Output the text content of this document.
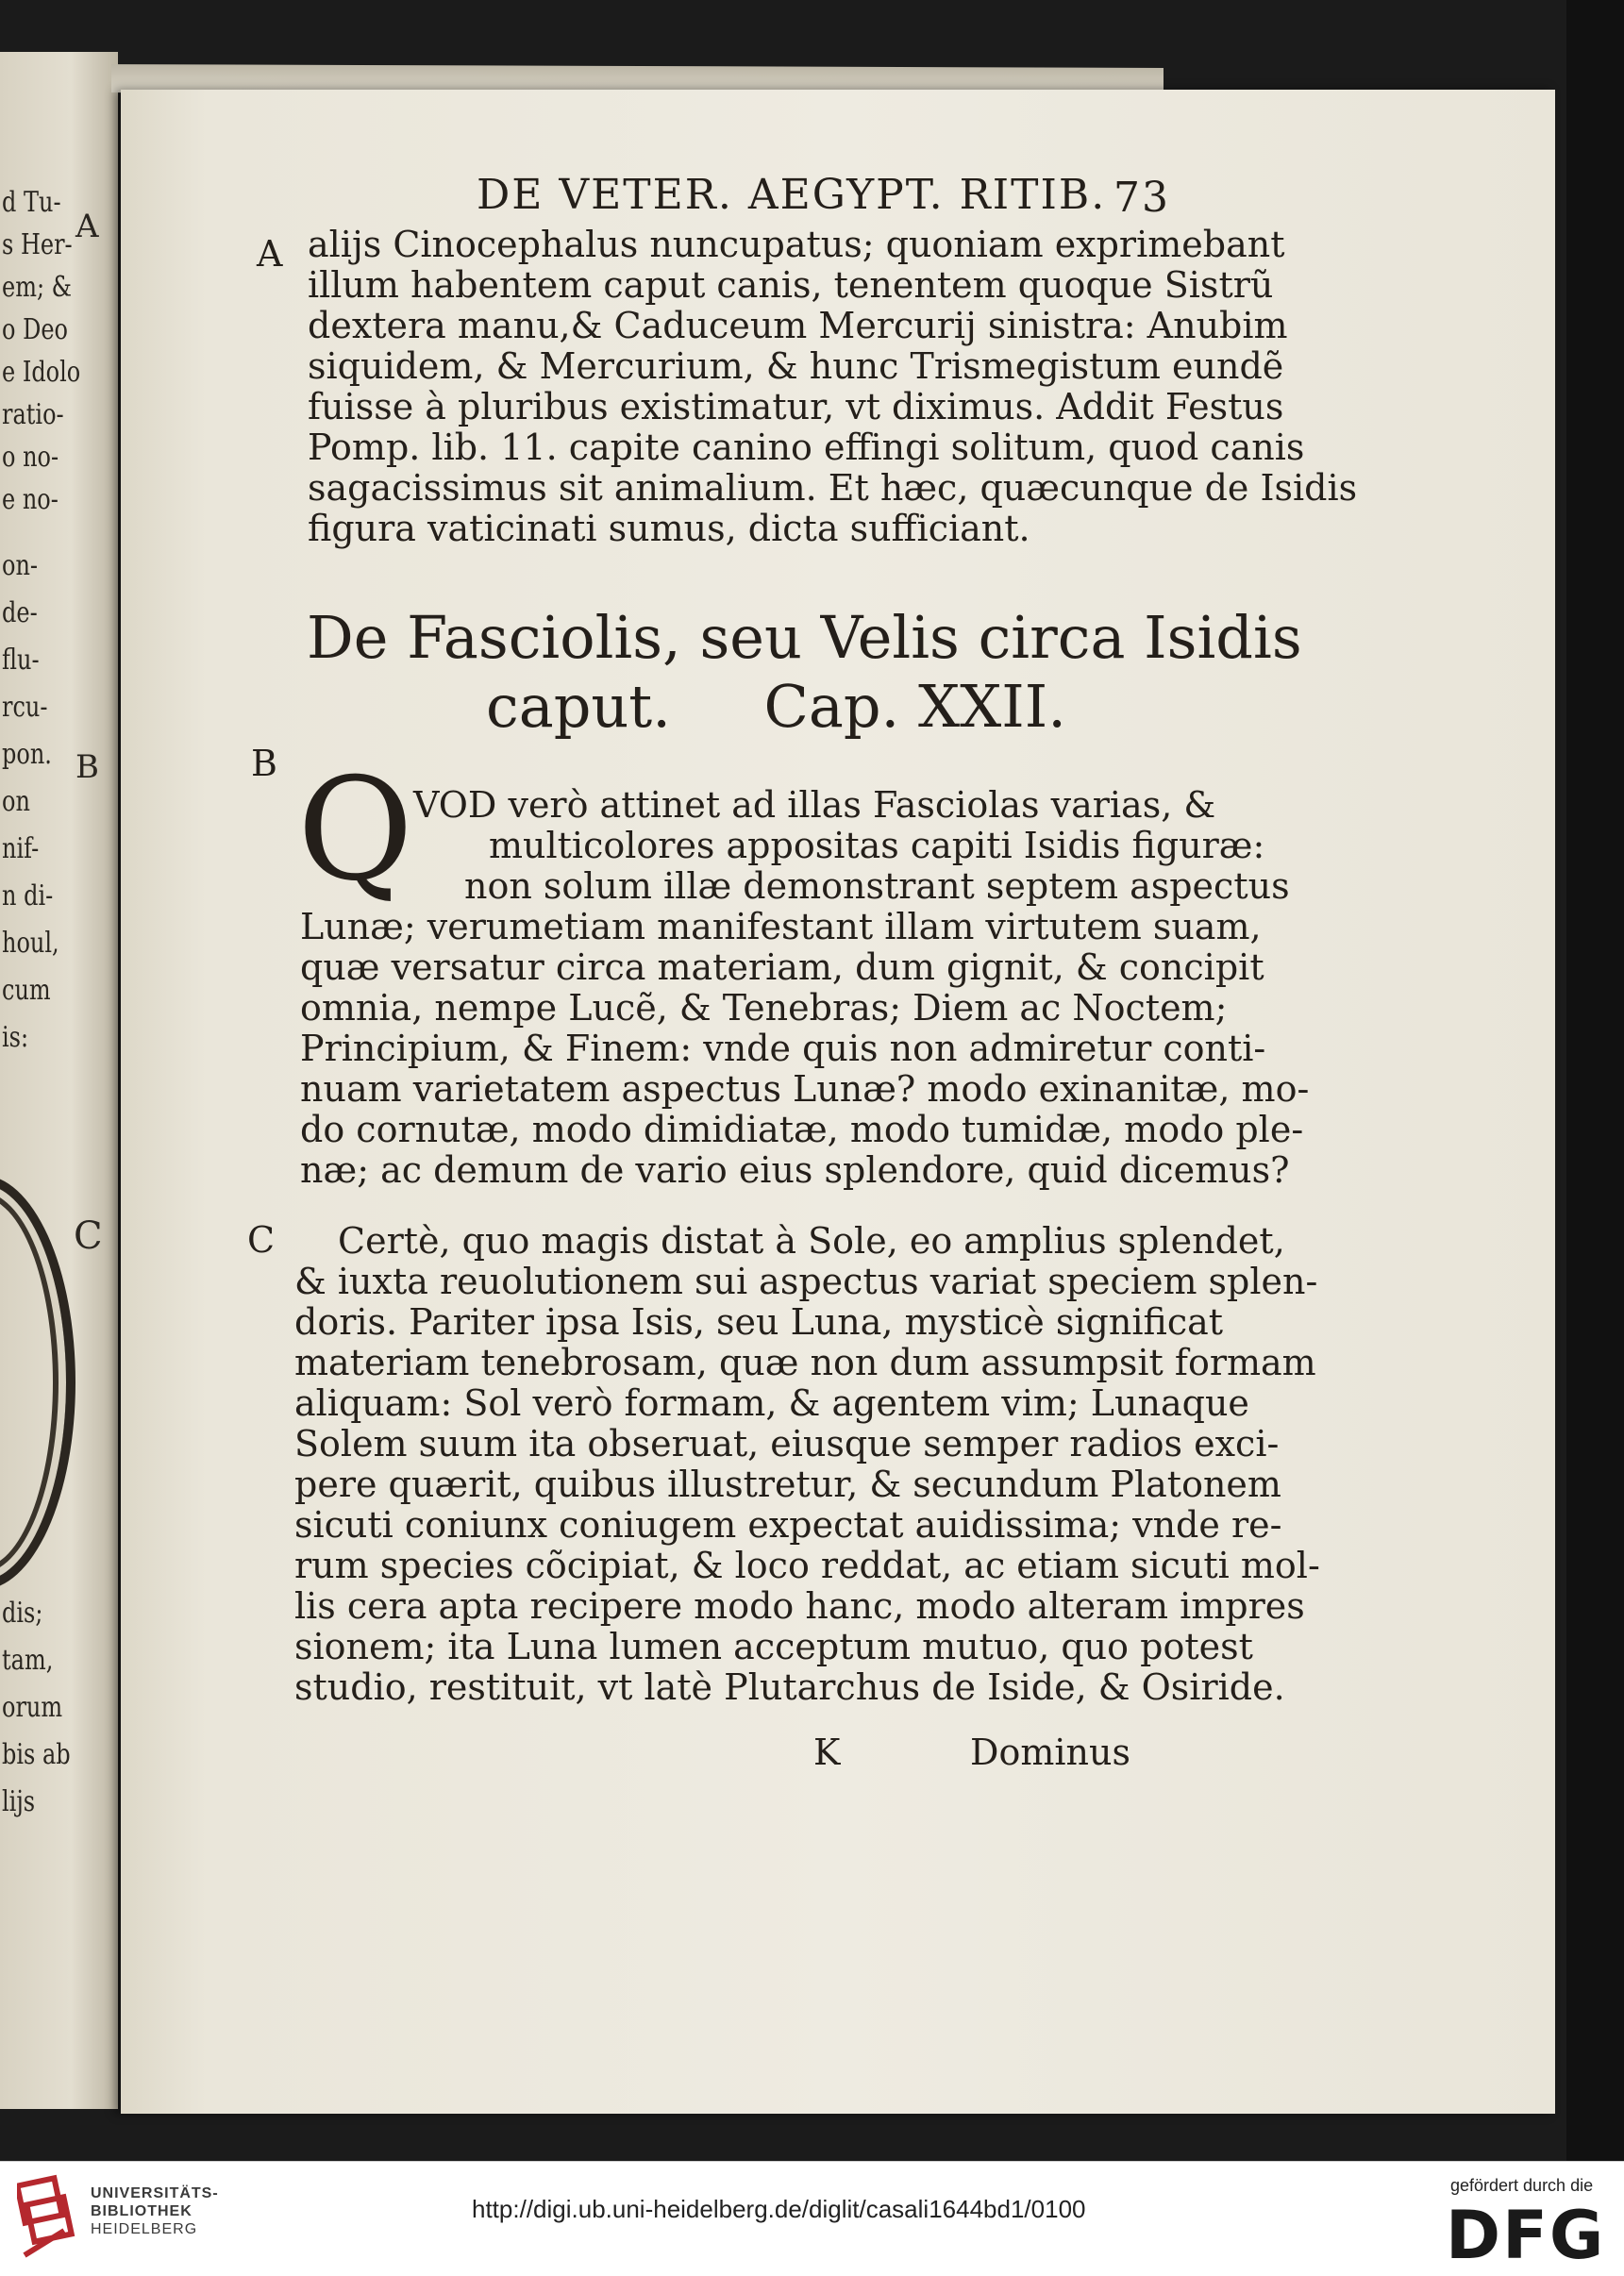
A
B
d Tu-
s Her-
em; &
o Deo
e Idolo
ratio-
o no-
e no-
on-
de-
flu-
rcu-
pon.
on
nif-
n di-
houl,
cum
is:
dis;
tam,
orum
bis ab
lijs
C
DE VETER. AEGYPT. RITIB. 73
A
B
C
alijs Cinocephalus nuncupatus; quoniam exprimebant
illum habentem caput canis, tenentem quoque Sistrũ
dextera manu,& Caduceum Mercurij sinistra: Anubim
siquidem, & Mercurium, & hunc Trismegistum eundẽ
fuisse à pluribus existimatur, vt diximus. Addit Festus
Pomp. lib. 11. capite canino effingi solitum, quod canis
sagacissimus sit animalium. Et hæc, quæcunque de Isidis
figura vaticinati sumus, dicta sufficiant.
De Fasciolis, seu Velis circa Isidis
caput.     Cap. XXII.
Q VOD verò attinet ad illas Fasciolas varias, &
multicolores appositas capiti Isidis figuræ:
non solum illæ demonstrant septem aspectus
Lunæ; verumetiam manifestant illam virtutem suam,
quæ versatur circa materiam, dum gignit, & concipit
omnia, nempe Lucẽ, & Tenebras; Diem ac Noctem;
Principium, & Finem: vnde quis non admiretur conti-
nuam varietatem aspectus Lunæ? modo exinanitæ, mo-
do cornutæ, modo dimidiatæ, modo tumidæ, modo ple-
næ; ac demum de vario eius splendore, quid dicemus?
Certè, quo magis distat à Sole, eo amplius splendet,
& iuxta reuolutionem sui aspectus variat speciem splen-
doris. Pariter ipsa Isis, seu Luna, mysticè significat
materiam tenebrosam, quæ non dum assumpsit formam
aliquam: Sol verò formam, & agentem vim; Lunaque
Solem suum ita obseruat, eiusque semper radios exci-
pere quærit, quibus illustretur, & secundum Platonem
sicuti coniunx coniugem expectat auidissima; vnde re-
rum species cõcipiat, & loco reddat, ac etiam sicuti mol-
lis cera apta recipere modo hanc, modo alteram impres
sionem; ita Luna lumen acceptum mutuo, quo potest
studio, restituit, vt latè Plutarchus de Iside, & Osiride.
K	Dominus
UNIVERSITÄTS-
BIBLIOTHEK
HEIDELBERG
http://digi.ub.uni-heidelberg.de/diglit/casali1644bd1/0100
gefördert durch die
DFG
